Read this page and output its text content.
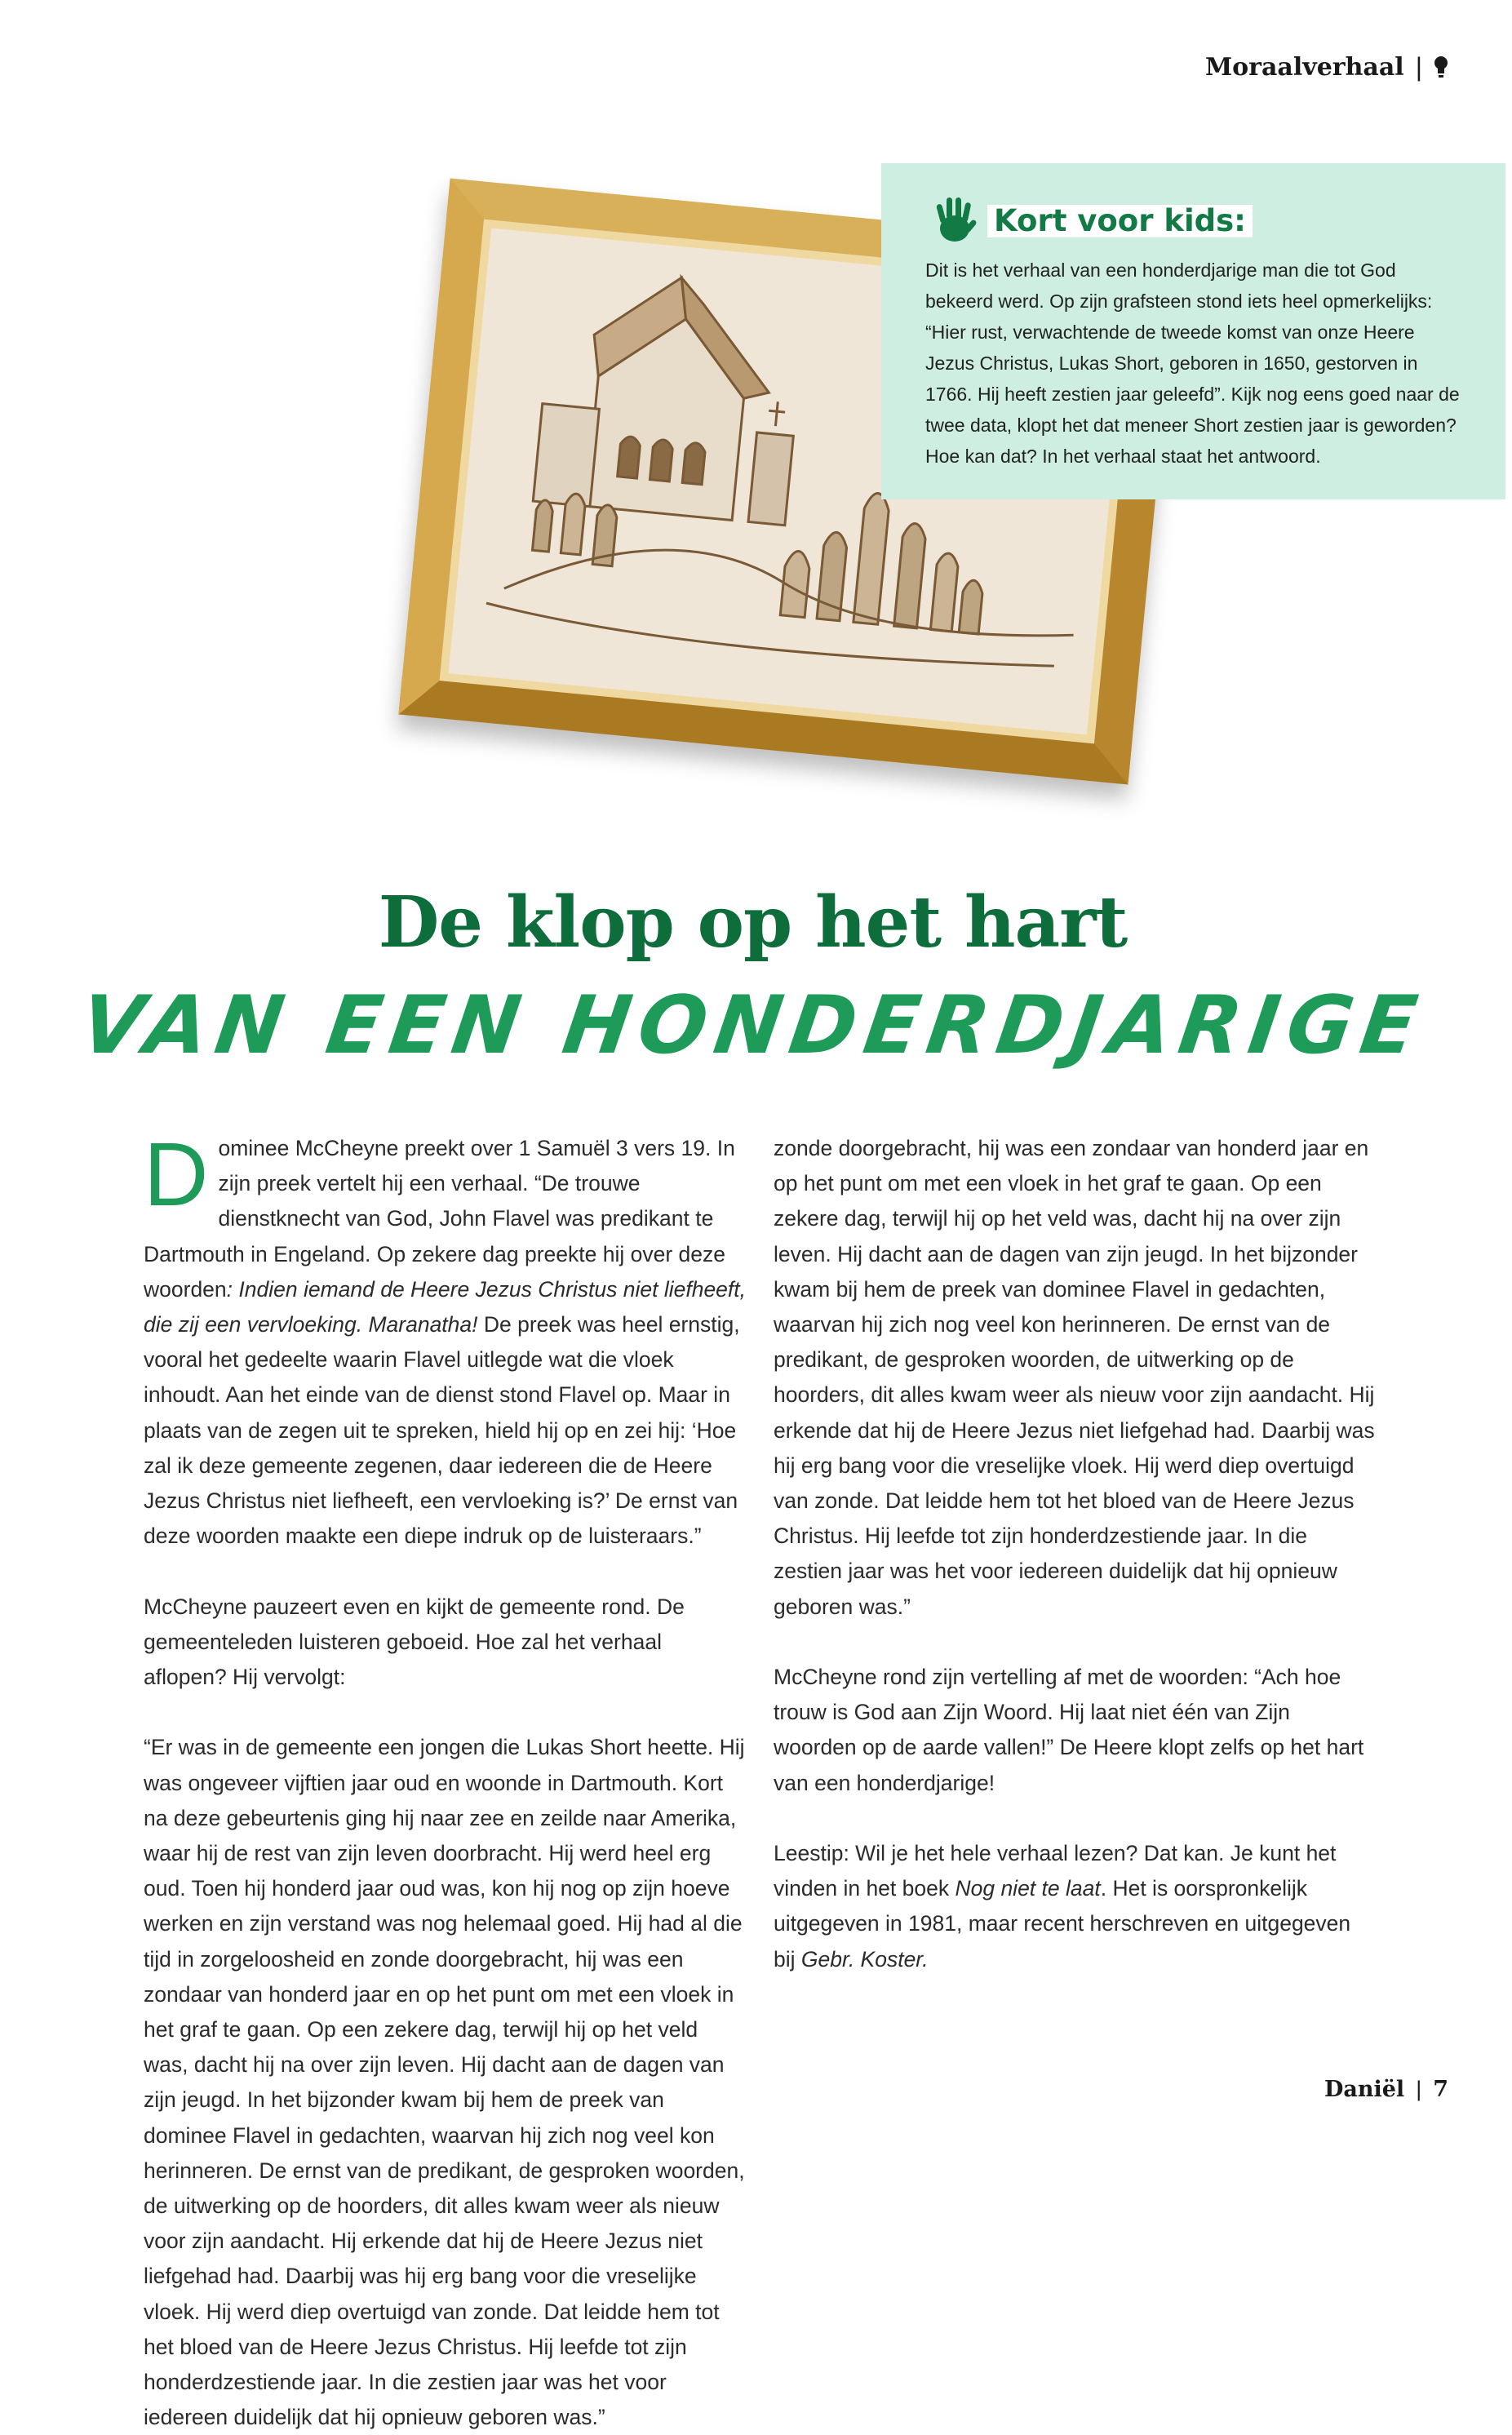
Moraalverhaal |
Kort voor kids:
Dit is het verhaal van een honderdjarige man die tot God bekeerd werd. Op zijn grafsteen stond iets heel opmerkelijks: “Hier rust, verwachtende de tweede komst van onze Heere Jezus Christus, Lukas Short, geboren in 1650, gestorven in 1766. Hij heeft zestien jaar geleefd”. Kijk nog eens goed naar de twee data, klopt het dat meneer Short zestien jaar is geworden? Hoe kan dat? In het verhaal staat het antwoord.
De klop op het hart
VAN EEN HONDERDJARIGE

Dominee McCheyne preekt over 1 Samuël 3 vers 19. In zijn preek vertelt hij een verhaal. “De trouwe dienstknecht van God, John Flavel was predikant te Dartmouth in Engeland. Op zekere dag preekte hij over deze woorden: Indien iemand de Heere Jezus Christus niet liefheeft, die zij een vervloeking. Maranatha! De preek was heel ernstig, vooral het gedeelte waarin Flavel uitlegde wat die vloek inhoudt. Aan het einde van de dienst stond Flavel op. Maar in plaats van de zegen uit te spreken, hield hij op en zei hij: ‘Hoe zal ik deze gemeente zegenen, daar iedereen die de Heere Jezus Christus niet liefheeft, een vervloeking is?’ De ernst van deze woorden maakte een diepe indruk op de luisteraars.”

McCheyne pauzeert even en kijkt de gemeente rond. De gemeenteleden luisteren geboeid. Hoe zal het verhaal aflopen? Hij vervolgt:

“Er was in de gemeente een jongen die Lukas Short heette. Hij was ongeveer vijftien jaar oud en woonde in Dartmouth. Kort na deze gebeurtenis ging hij naar zee en zeilde naar Amerika, waar hij de rest van zijn leven doorbracht. Hij werd heel erg oud. Toen hij honderd jaar oud was, kon hij nog op zijn hoeve werken en zijn verstand was nog helemaal goed. Hij had al die tijd in zorgeloosheid en zonde doorgebracht, hij was een zondaar van honderd jaar en op het punt om met een vloek in het graf te gaan. Op een zekere dag, terwijl hij op het veld was, dacht hij na over zijn leven. Hij dacht aan de dagen van zijn jeugd. In het bijzonder kwam bij hem de preek van dominee Flavel in gedachten, waarvan hij zich nog veel kon herinneren. De ernst van de predikant, de gesproken woorden, de uitwerking op de hoorders, dit alles kwam weer als nieuw voor zijn aandacht. Hij erkende dat hij de Heere Jezus niet liefgehad had. Daarbij was hij erg bang voor die vreselijke vloek. Hij werd diep overtuigd van zonde. Dat leidde hem tot het bloed van de Heere Jezus Christus. Hij leefde tot zijn honderdzestiende jaar. In die zestien jaar was het voor iedereen duidelijk dat hij opnieuw geboren was.”

zonde doorgebracht, hij was een zondaar van honderd jaar en op het punt om met een vloek in het graf te gaan. Op een zekere dag, terwijl hij op het veld was, dacht hij na over zijn leven. Hij dacht aan de dagen van zijn jeugd. In het bijzonder kwam bij hem de preek van dominee Flavel in gedachten, waarvan hij zich nog veel kon herinneren. De ernst van de predikant, de gesproken woorden, de uitwerking op de hoorders, dit alles kwam weer als nieuw voor zijn aandacht. Hij erkende dat hij de Heere Jezus niet liefgehad had. Daarbij was hij erg bang voor die vreselijke vloek. Hij werd diep overtuigd van zonde. Dat leidde hem tot het bloed van de Heere Jezus Christus. Hij leefde tot zijn honderdzestiende jaar. In die zestien jaar was het voor iedereen duidelijk dat hij opnieuw geboren was.”

McCheyne rond zijn vertelling af met de woorden: “Ach hoe trouw is God aan Zijn Woord. Hij laat niet één van Zijn woorden op de aarde vallen!” De Heere klopt zelfs op het hart van een honderdjarige!

Leestip: Wil je het hele verhaal lezen? Dat kan. Je kunt het vinden in het boek Nog niet te laat. Het is oorspronkelijk uitgegeven in 1981, maar recent herschreven en uitgegeven bij Gebr. Koster.

Daniël | 7
